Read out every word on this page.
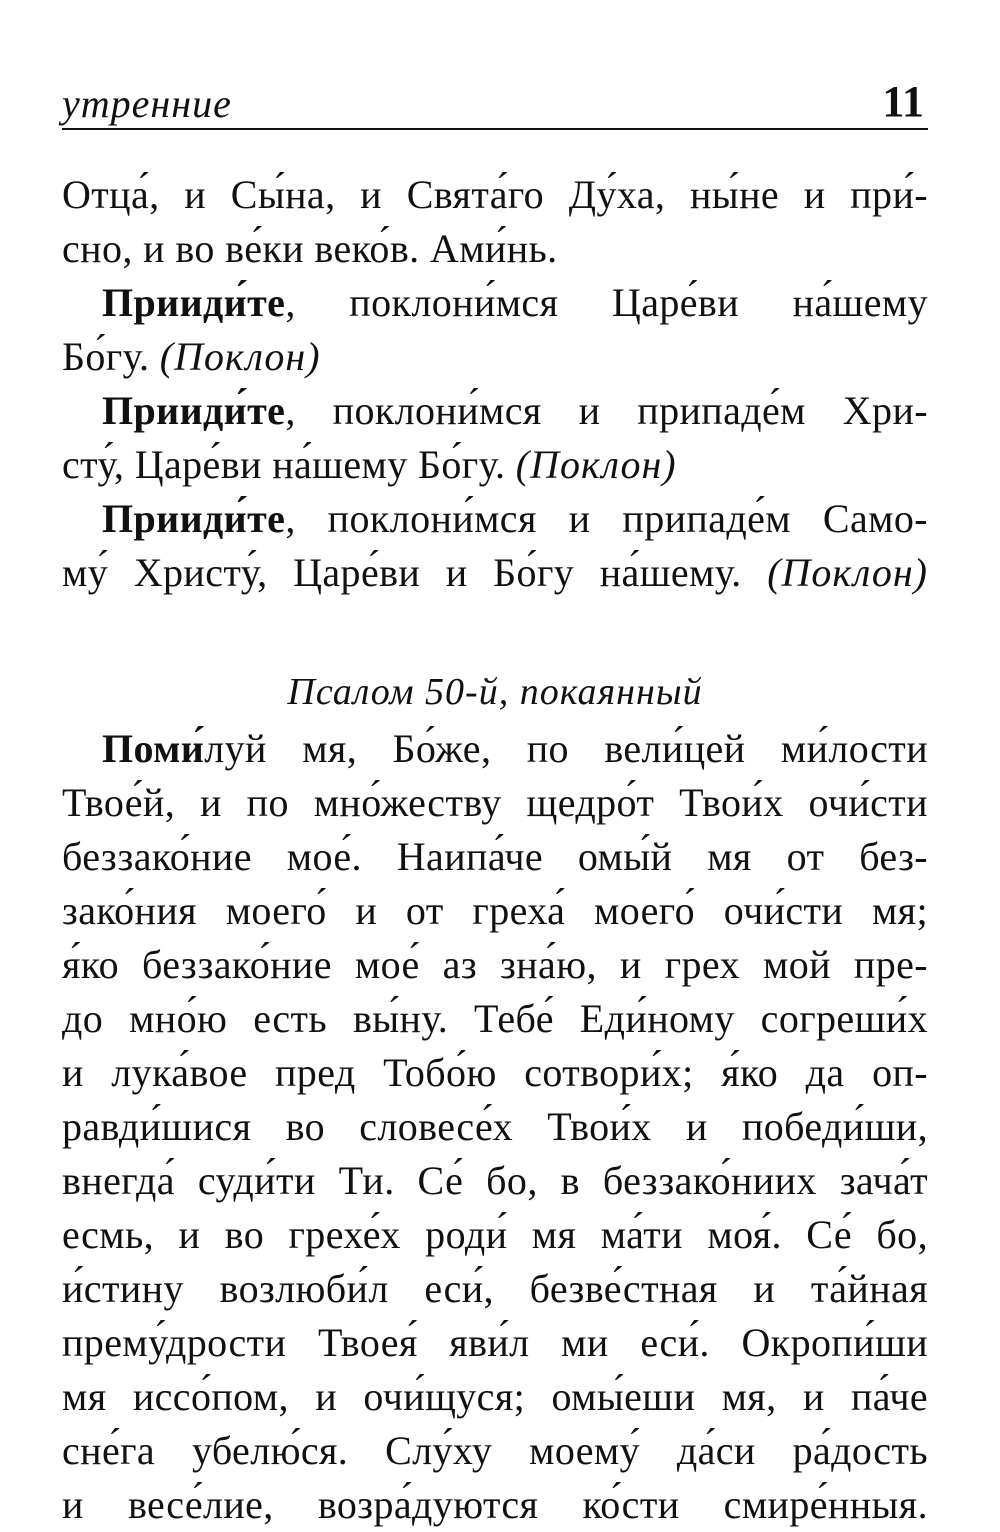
утренние	11
Отца́, и Сы́на, и Свята́го Ду́ха, ны́не и при́-
сно, и во ве́ки веко́в. Ами́нь.
Прииди́те, поклони́мся Царе́ви на́шему
Бо́гу. (Поклон)
Прииди́те, поклони́мся и припаде́м Хри-
сту́, Царе́ви на́шему Бо́гу. (Поклон)
Прииди́те, поклони́мся и припаде́м Само-
му́ Христу́, Царе́ви и Бо́гу на́шему. (Поклон)
Псалом 50-й, покаянный
Поми́луй мя, Бо́же, по вели́цей ми́лости
Твое́й, и по мно́жеству щедро́т Твои́х очи́сти
беззако́ние мое́. Наипа́че омы́й мя от без-
зако́ния моего́ и от греха́ моего́ очи́сти мя;
я́ко беззако́ние мое́ аз зна́ю, и грех мой пре-
до мно́ю есть вы́ну. Тебе́ Еди́ному согреши́х
и лука́вое пред Тобо́ю сотвори́х; я́ко да оп-
равди́шися во словесе́х Твои́х и победи́ши,
внегда́ суди́ти Ти. Се́ бо, в беззако́ниих зача́т
есмь, и во грехе́х роди́ мя ма́ти моя́. Се́ бо,
и́стину возлюби́л еси́, безве́стная и та́йная
прему́дрости Твоея́ яви́л ми еси́. Окропи́ши
мя иссо́пом, и очи́щуся; омы́еши мя, и па́че
сне́га убелю́ся. Слу́ху моему́ да́си ра́дость
и весе́лие, возра́дуются ко́сти смире́нныя.
